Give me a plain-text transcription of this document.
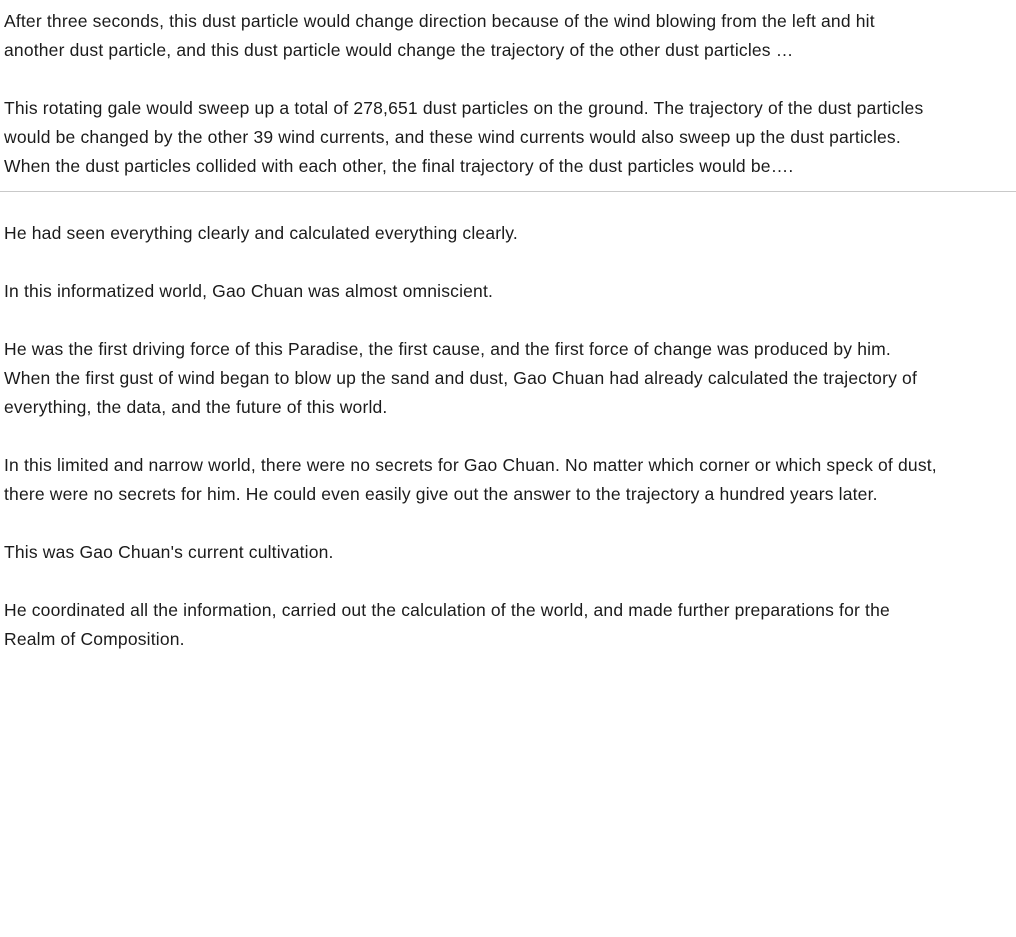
After three seconds, this dust particle would change direction because of the wind blowing from the left and hit another dust particle, and this dust particle would change the trajectory of the other dust particles …

This rotating gale would sweep up a total of 278,651 dust particles on the ground. The trajectory of the dust particles would be changed by the other 39 wind currents, and these wind currents would also sweep up the dust particles. When the dust particles collided with each other, the final trajectory of the dust particles would be….

He had seen everything clearly and calculated everything clearly.

In this informatized world, Gao Chuan was almost omniscient.

He was the first driving force of this Paradise, the first cause, and the first force of change was produced by him. When the first gust of wind began to blow up the sand and dust, Gao Chuan had already calculated the trajectory of everything, the data, and the future of this world.

In this limited and narrow world, there were no secrets for Gao Chuan. No matter which corner or which speck of dust, there were no secrets for him. He could even easily give out the answer to the trajectory a hundred years later.

This was Gao Chuan's current cultivation.

He coordinated all the information, carried out the calculation of the world, and made further preparations for the Realm of Composition.
